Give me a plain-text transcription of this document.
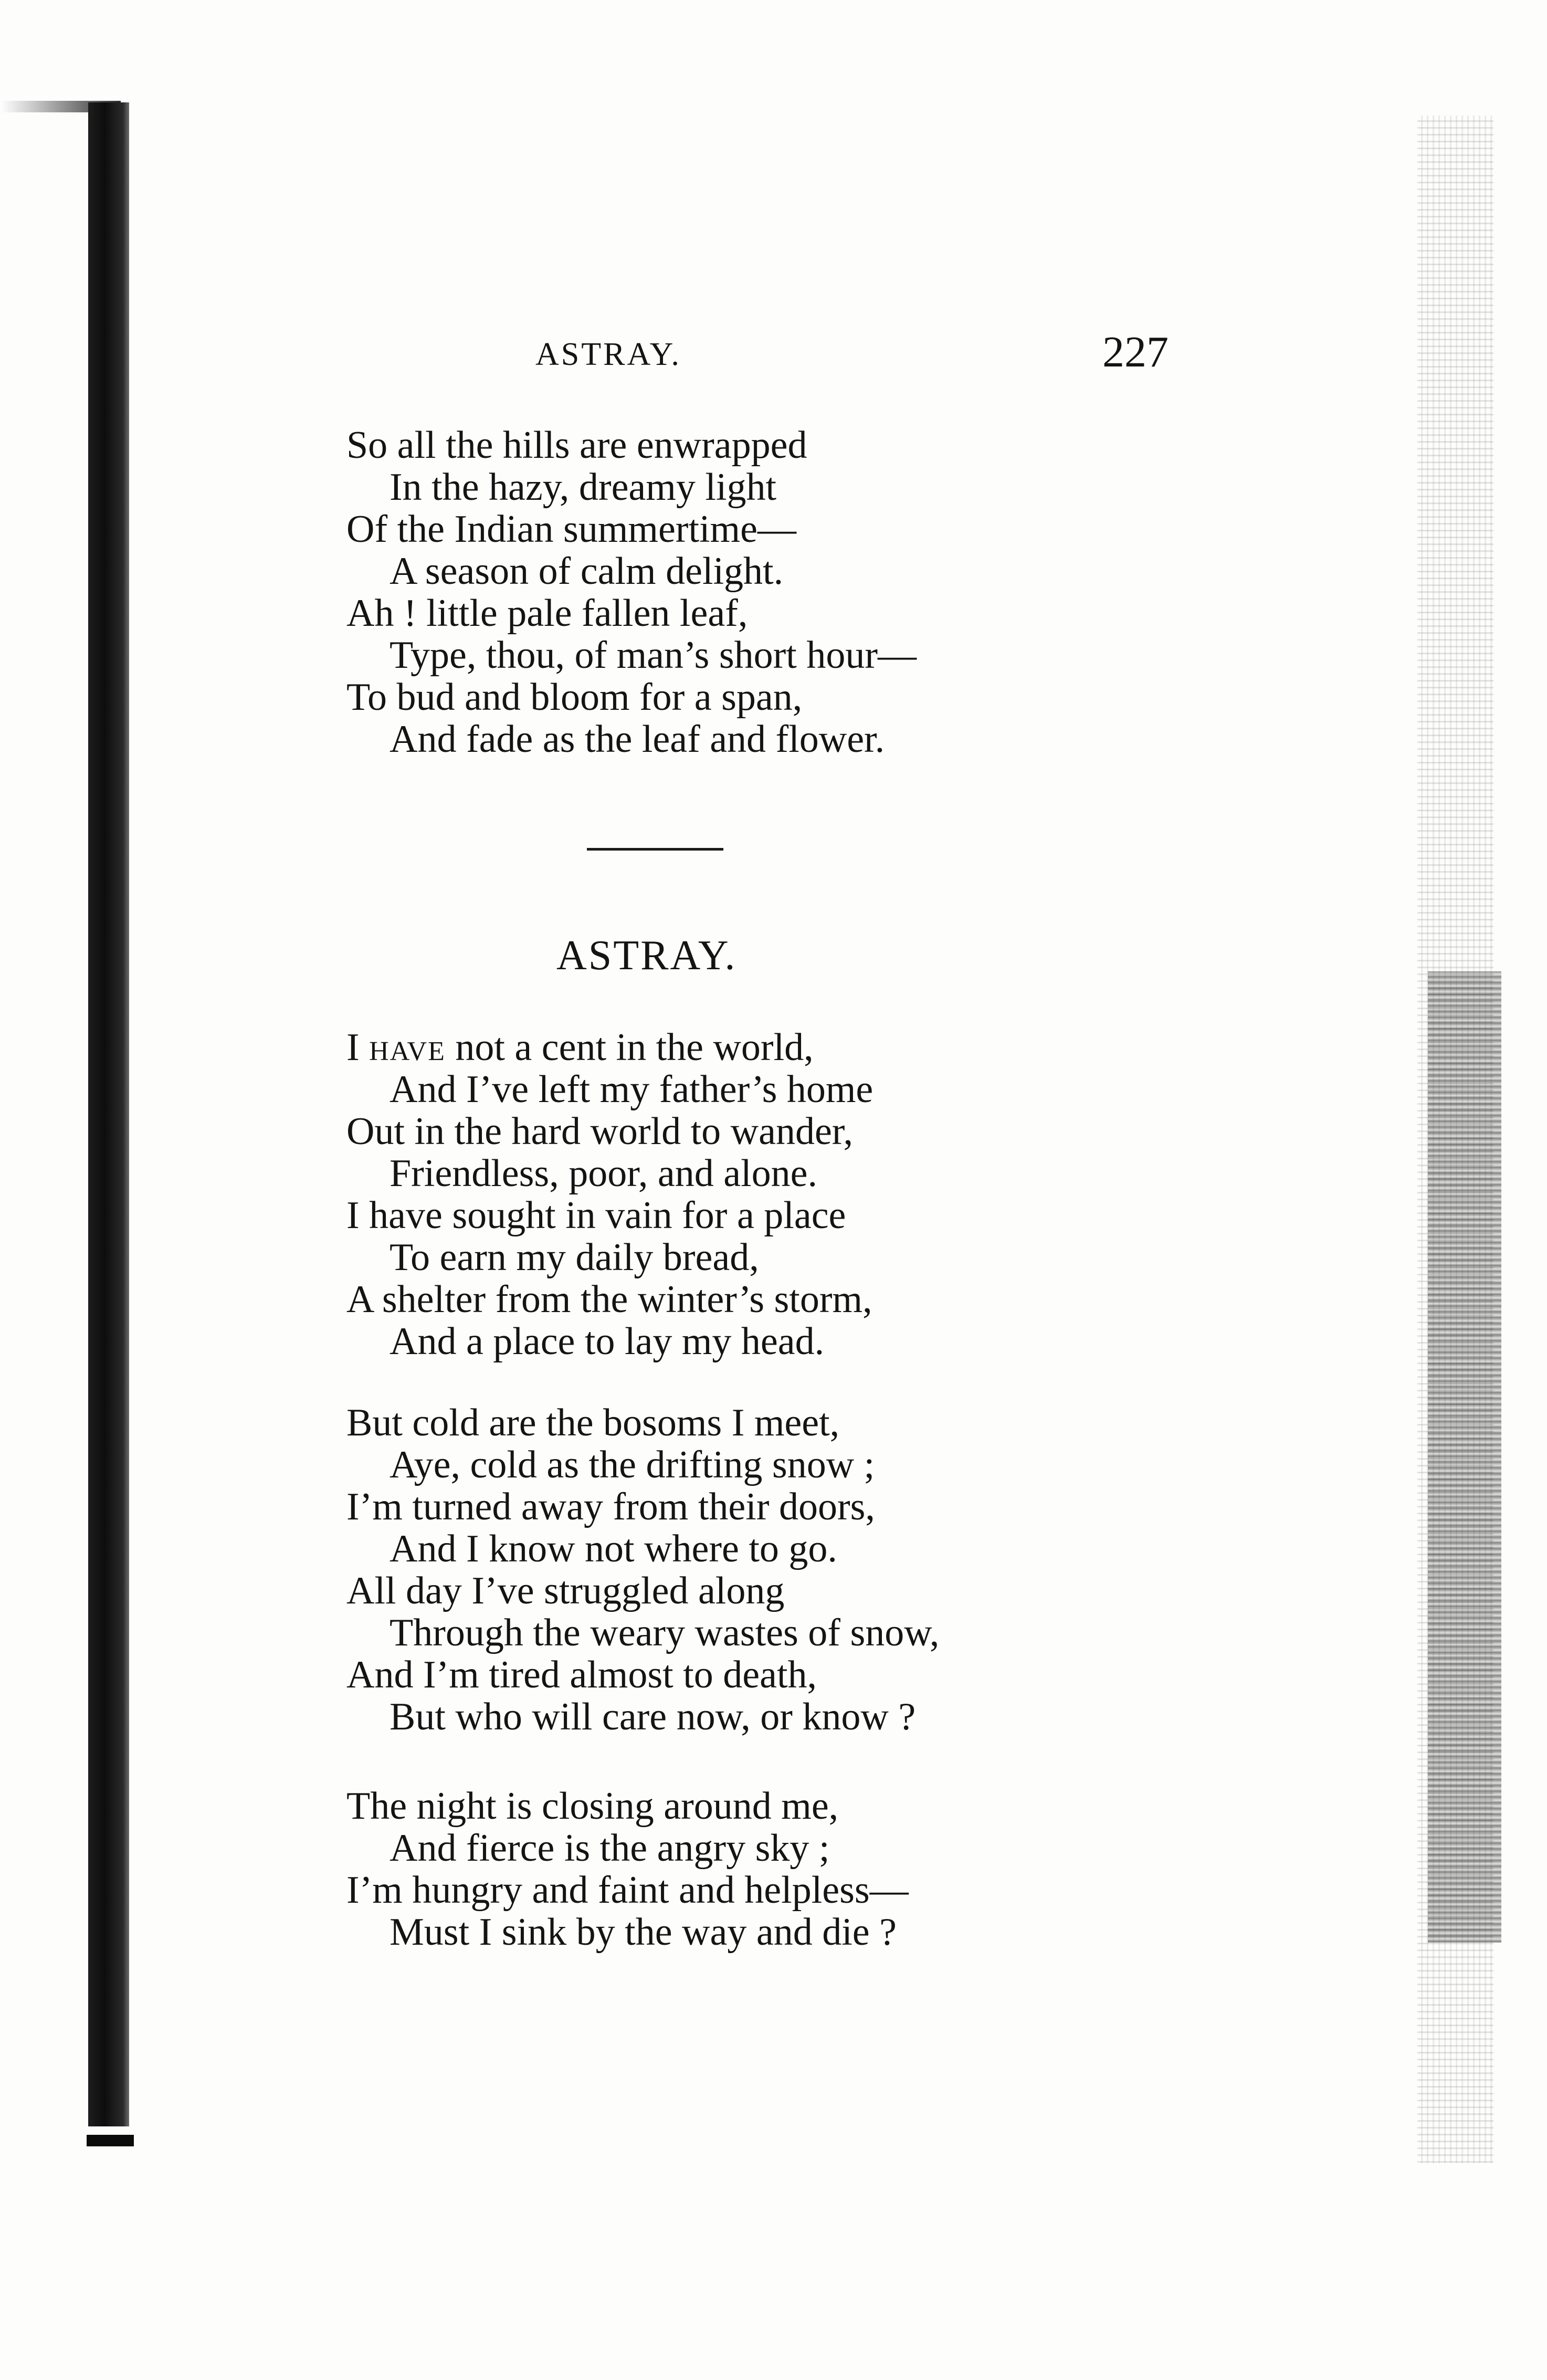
ASTRAY.	227
So all the hills are enwrapped
In the hazy, dreamy light
Of the Indian summertime—
A season of calm delight.
Ah ! little pale fallen leaf,
Type, thou, of man’s short hour—
To bud and bloom for a span,
And fade as the leaf and flower.
ASTRAY.
I have not a cent in the world,
And I’ve left my father’s home
Out in the hard world to wander,
Friendless, poor, and alone.
I have sought in vain for a place
To earn my daily bread,
A shelter from the winter’s storm,
And a place to lay my head.
But cold are the bosoms I meet,
Aye, cold as the drifting snow ;
I’m turned away from their doors,
And I know not where to go.
All day I’ve struggled along
Through the weary wastes of snow,
And I’m tired almost to death,
But who will care now, or know ?
The night is closing around me,
And fierce is the angry sky ;
I’m hungry and faint and helpless—
Must I sink by the way and die ?
